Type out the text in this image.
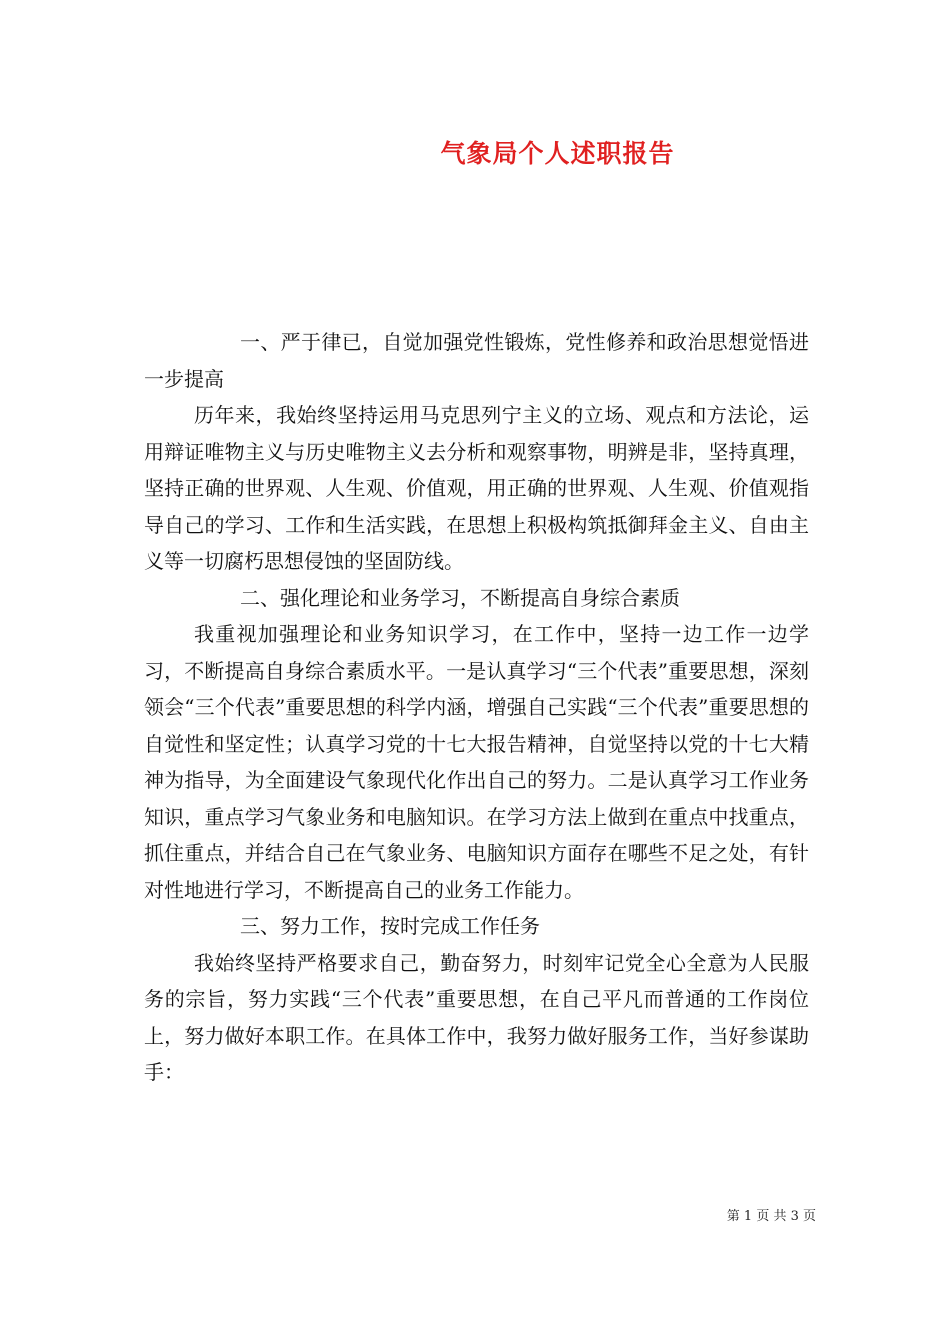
气象局个人述职报告

一、严于律已，自觉加强党性锻炼，党性修养和政治思想觉悟进一步提高

历年来，我始终坚持运用马克思列宁主义的立场、观点和方法论，运用辩证唯物主义与历史唯物主义去分析和观察事物，明辨是非，坚持真理，坚持正确的世界观、人生观、价值观，用正确的世界观、人生观、价值观指导自己的学习、工作和生活实践，在思想上积极构筑抵御拜金主义、自由主义等一切腐朽思想侵蚀的坚固防线。

二、强化理论和业务学习，不断提高自身综合素质

我重视加强理论和业务知识学习，在工作中，坚持一边工作一边学习，不断提高自身综合素质水平。一是认真学习“三个代表”重要思想，深刻领会“三个代表”重要思想的科学内涵，增强自己实践“三个代表”重要思想的自觉性和坚定性；认真学习党的十七大报告精神，自觉坚持以党的十七大精神为指导，为全面建设气象现代化作出自己的努力。二是认真学习工作业务知识，重点学习气象业务和电脑知识。在学习方法上做到在重点中找重点，抓住重点，并结合自己在气象业务、电脑知识方面存在哪些不足之处，有针对性地进行学习，不断提高自己的业务工作能力。

三、努力工作，按时完成工作任务

我始终坚持严格要求自己，勤奋努力，时刻牢记党全心全意为人民服务的宗旨，努力实践“三个代表”重要思想，在自己平凡而普通的工作岗位上，努力做好本职工作。在具体工作中，我努力做好服务工作，当好参谋助手：

第 1 页 共 3 页
